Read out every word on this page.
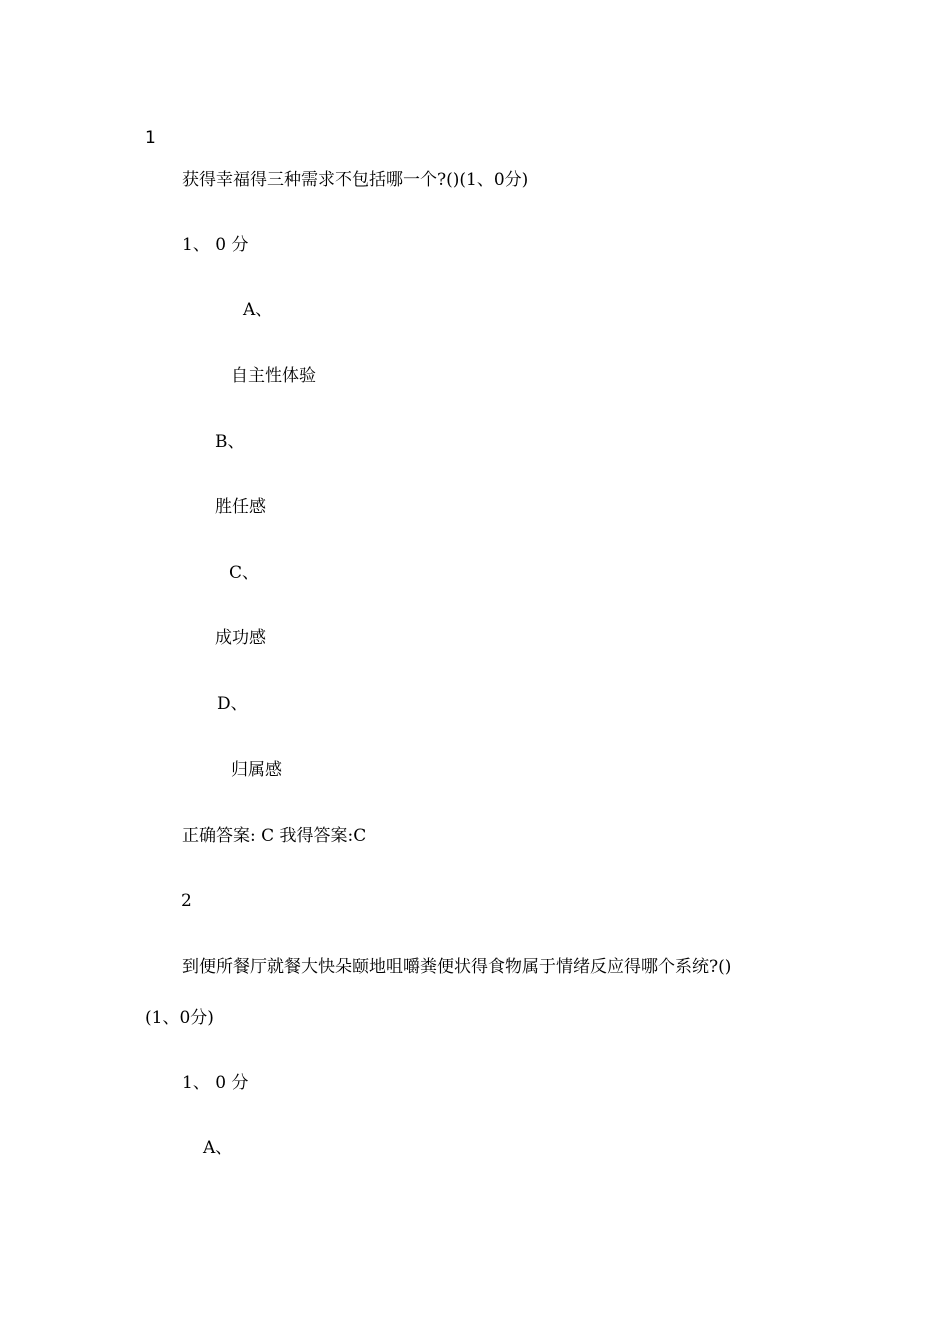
1
获得幸福得三种需求不包括哪一个?()(1、0分)
1、 0 分
A、
自主性体验
B、
胜任感
C、
成功感
D、
归属感
正确答案: C 我得答案:C
2
到便所餐厅就餐大快朵颐地咀嚼粪便状得食物属于情绪反应得哪个系统?()
(1、0分)
1、 0 分
A、
